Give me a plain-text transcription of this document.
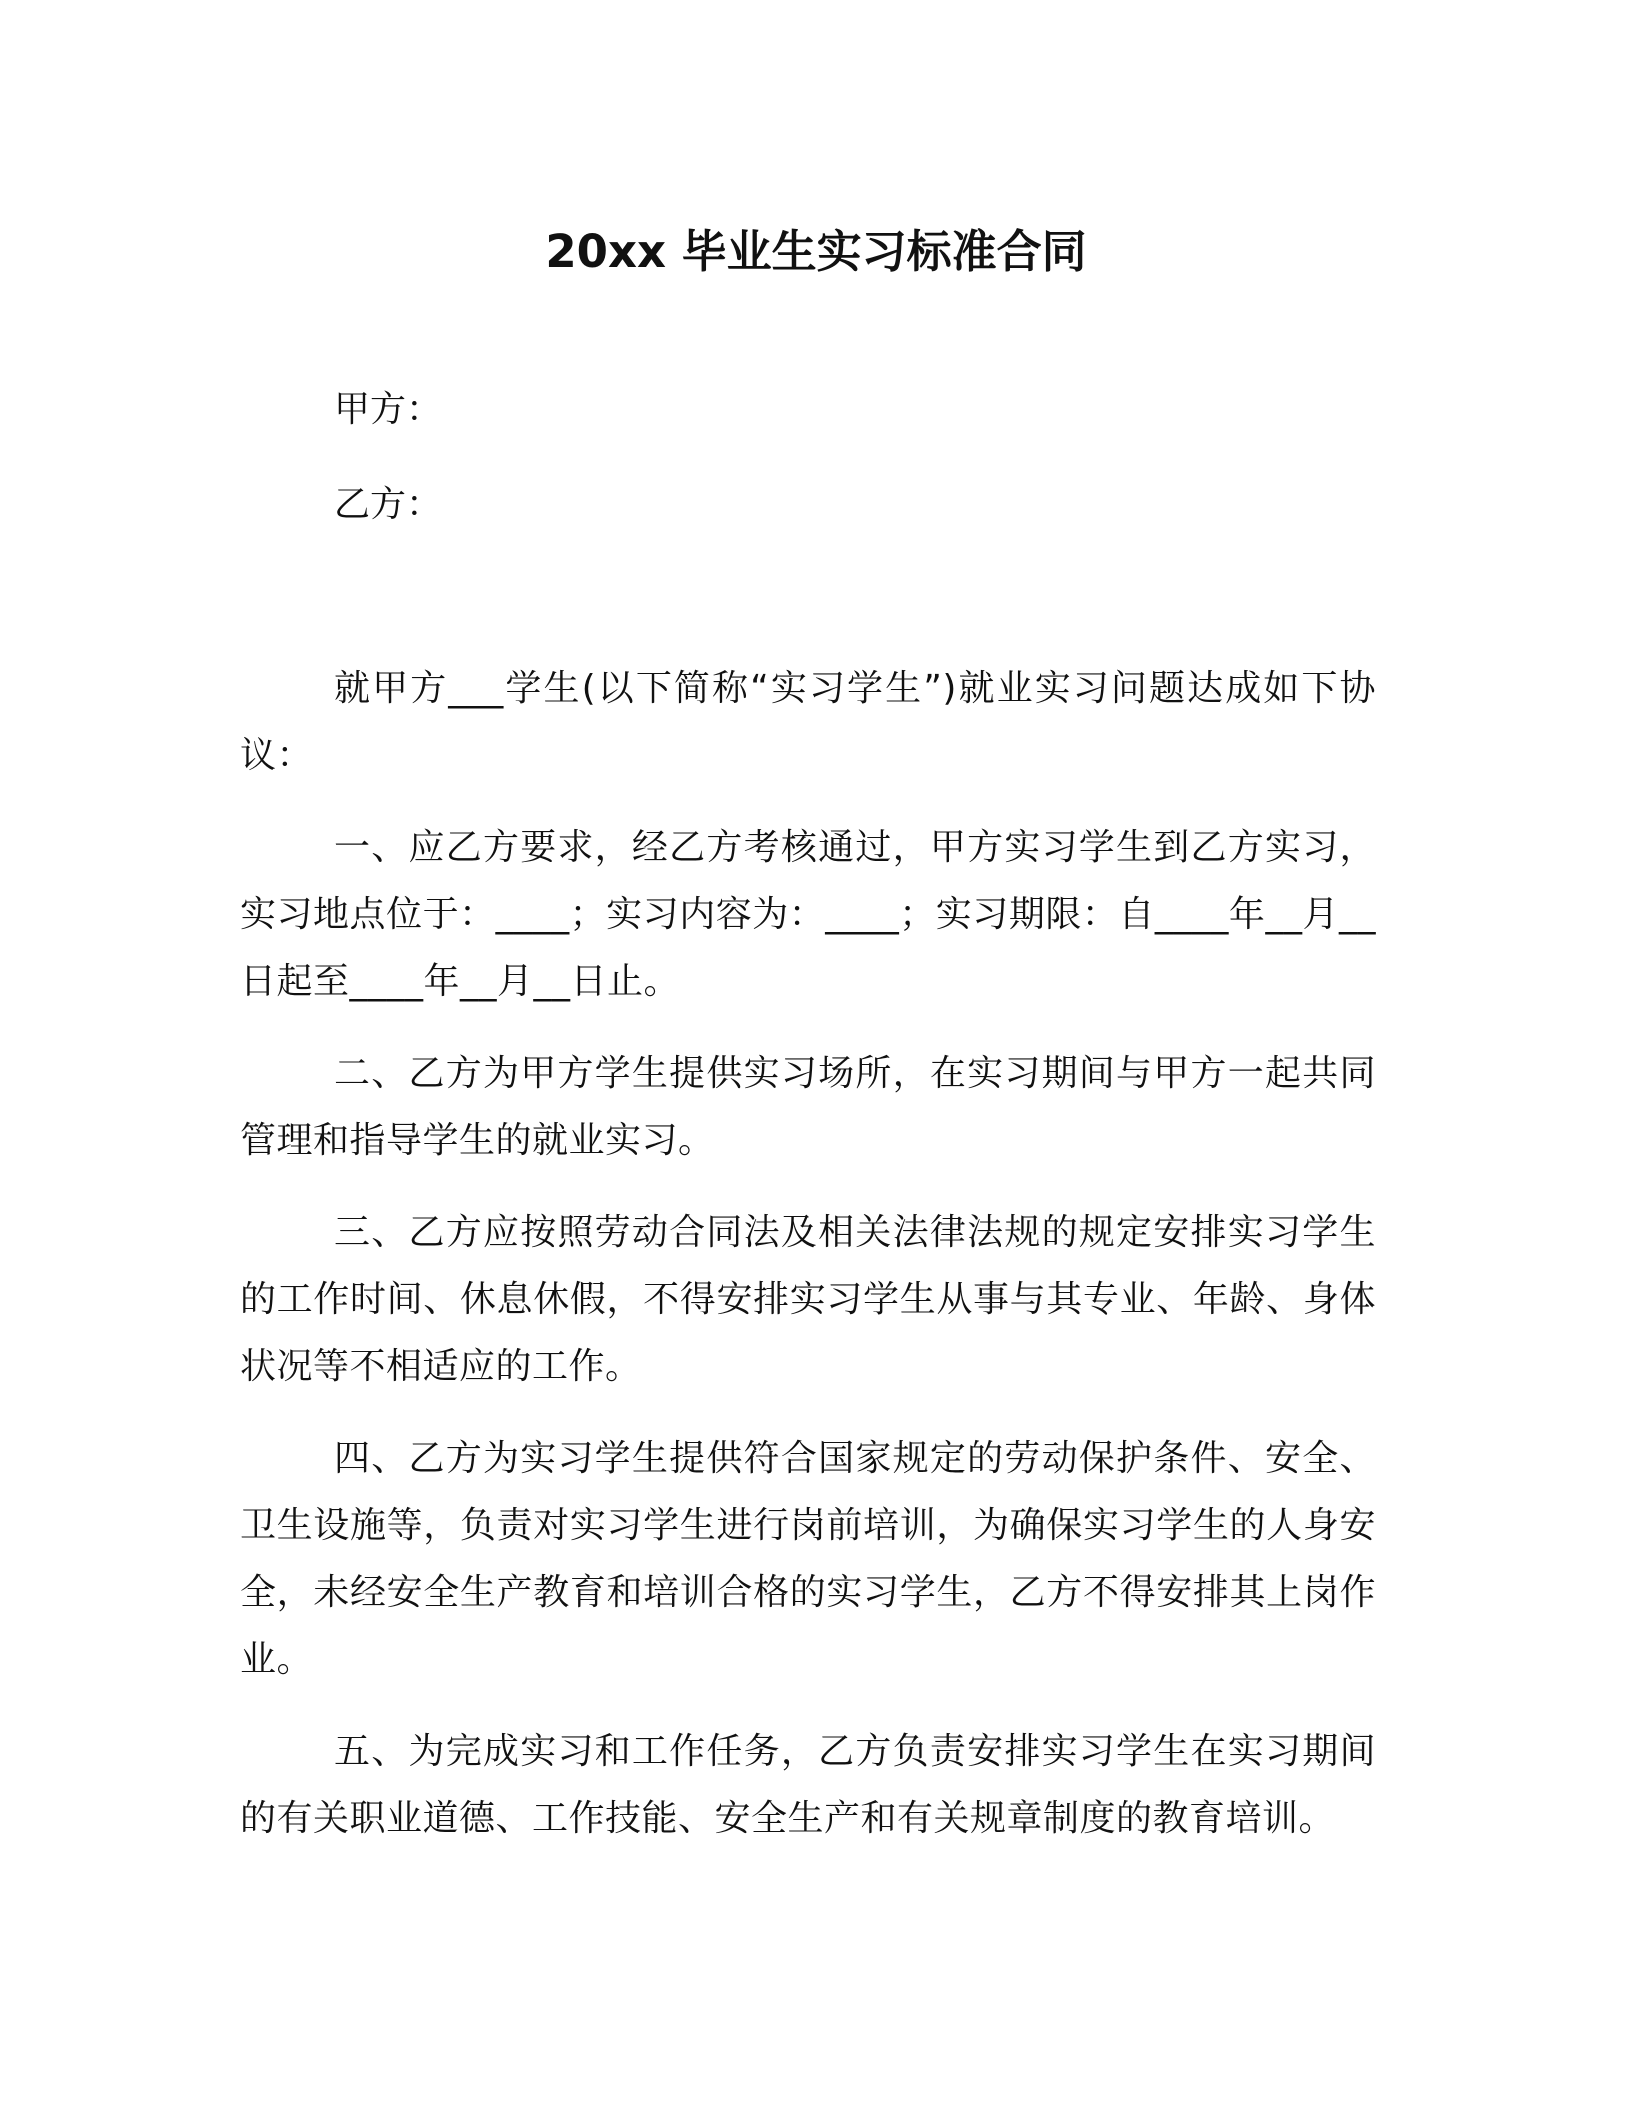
20xx 毕业生实习标准合同
甲方：
乙方：

就甲方___学生(以下简称“实习学生”)就业实习问题达成如下协议：

一、应乙方要求，经乙方考核通过，甲方实习学生到乙方实习，实习地点位于：____；实习内容为：____；实习期限：自____年__月__日起至____年__月__日止。

二、乙方为甲方学生提供实习场所，在实习期间与甲方一起共同管理和指导学生的就业实习。

三、乙方应按照劳动合同法及相关法律法规的规定安排实习学生的工作时间、休息休假，不得安排实习学生从事与其专业、年龄、身体状况等不相适应的工作。

四、乙方为实习学生提供符合国家规定的劳动保护条件、安全、卫生设施等，负责对实习学生进行岗前培训，为确保实习学生的人身安全，未经安全生产教育和培训合格的实习学生，乙方不得安排其上岗作业。

五、为完成实习和工作任务，乙方负责安排实习学生在实习期间的有关职业道德、工作技能、安全生产和有关规章制度的教育培训。
